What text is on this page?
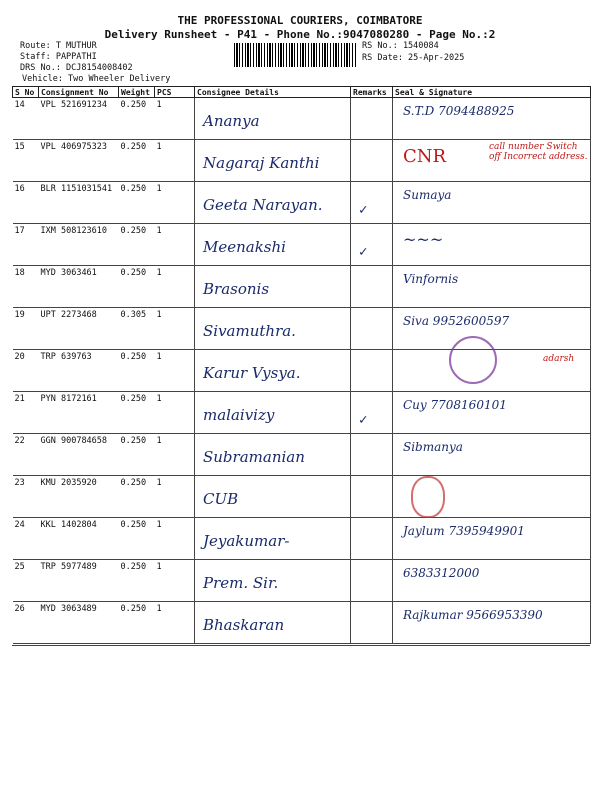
THE PROFESSIONAL COURIERS, COIMBATORE
Delivery Runsheet - P41 - Phone No.:9047080280 - Page No.:2
Route: T MUTHUR
Staff: PAPPATHI
DRS No.: DCJ8154008402
Vehicle: Two Wheeler Delivery
RS No.: 1540084
RS Date: 25-Apr-2025
S No	Consignment No	Weight	PCS	Consignee Details	Remarks	Seal & Signature
14	VPL 521691234	0.250	1	Ananya		S.T.D 7094488925

15	VPL 406975323	0.250	1	Nagaraj Kanthi		CNR call number Switch off Incorrect address.

16	BLR 1151031541	0.250	1	Geeta Narayan.	✓	Sumaya

17	IXM 508123610	0.250	1	Meenakshi	✓	~~~

18	MYD 3063461	0.250	1	Brasonis		Vinfornis

19	UPT 2273468	0.305	1	Sivamuthra.		Siva 9952600597

20	TRP 639763	0.250	1	Karur Vysya.		adarsh

21	PYN 8172161	0.250	1	malaivizy	✓	Cuy 7708160101

22	GGN 900784658	0.250	1	Subramanian		Sibmanya

23	KMU 2035920	0.250	1	CUB		

24	KKL 1402804	0.250	1	Jeyakumar-		Jaylum 7395949901

25	TRP 5977489	0.250	1	Prem. Sir.		6383312000

26	MYD 3063489	0.250	1	Bhaskaran		Rajkumar 9566953390
